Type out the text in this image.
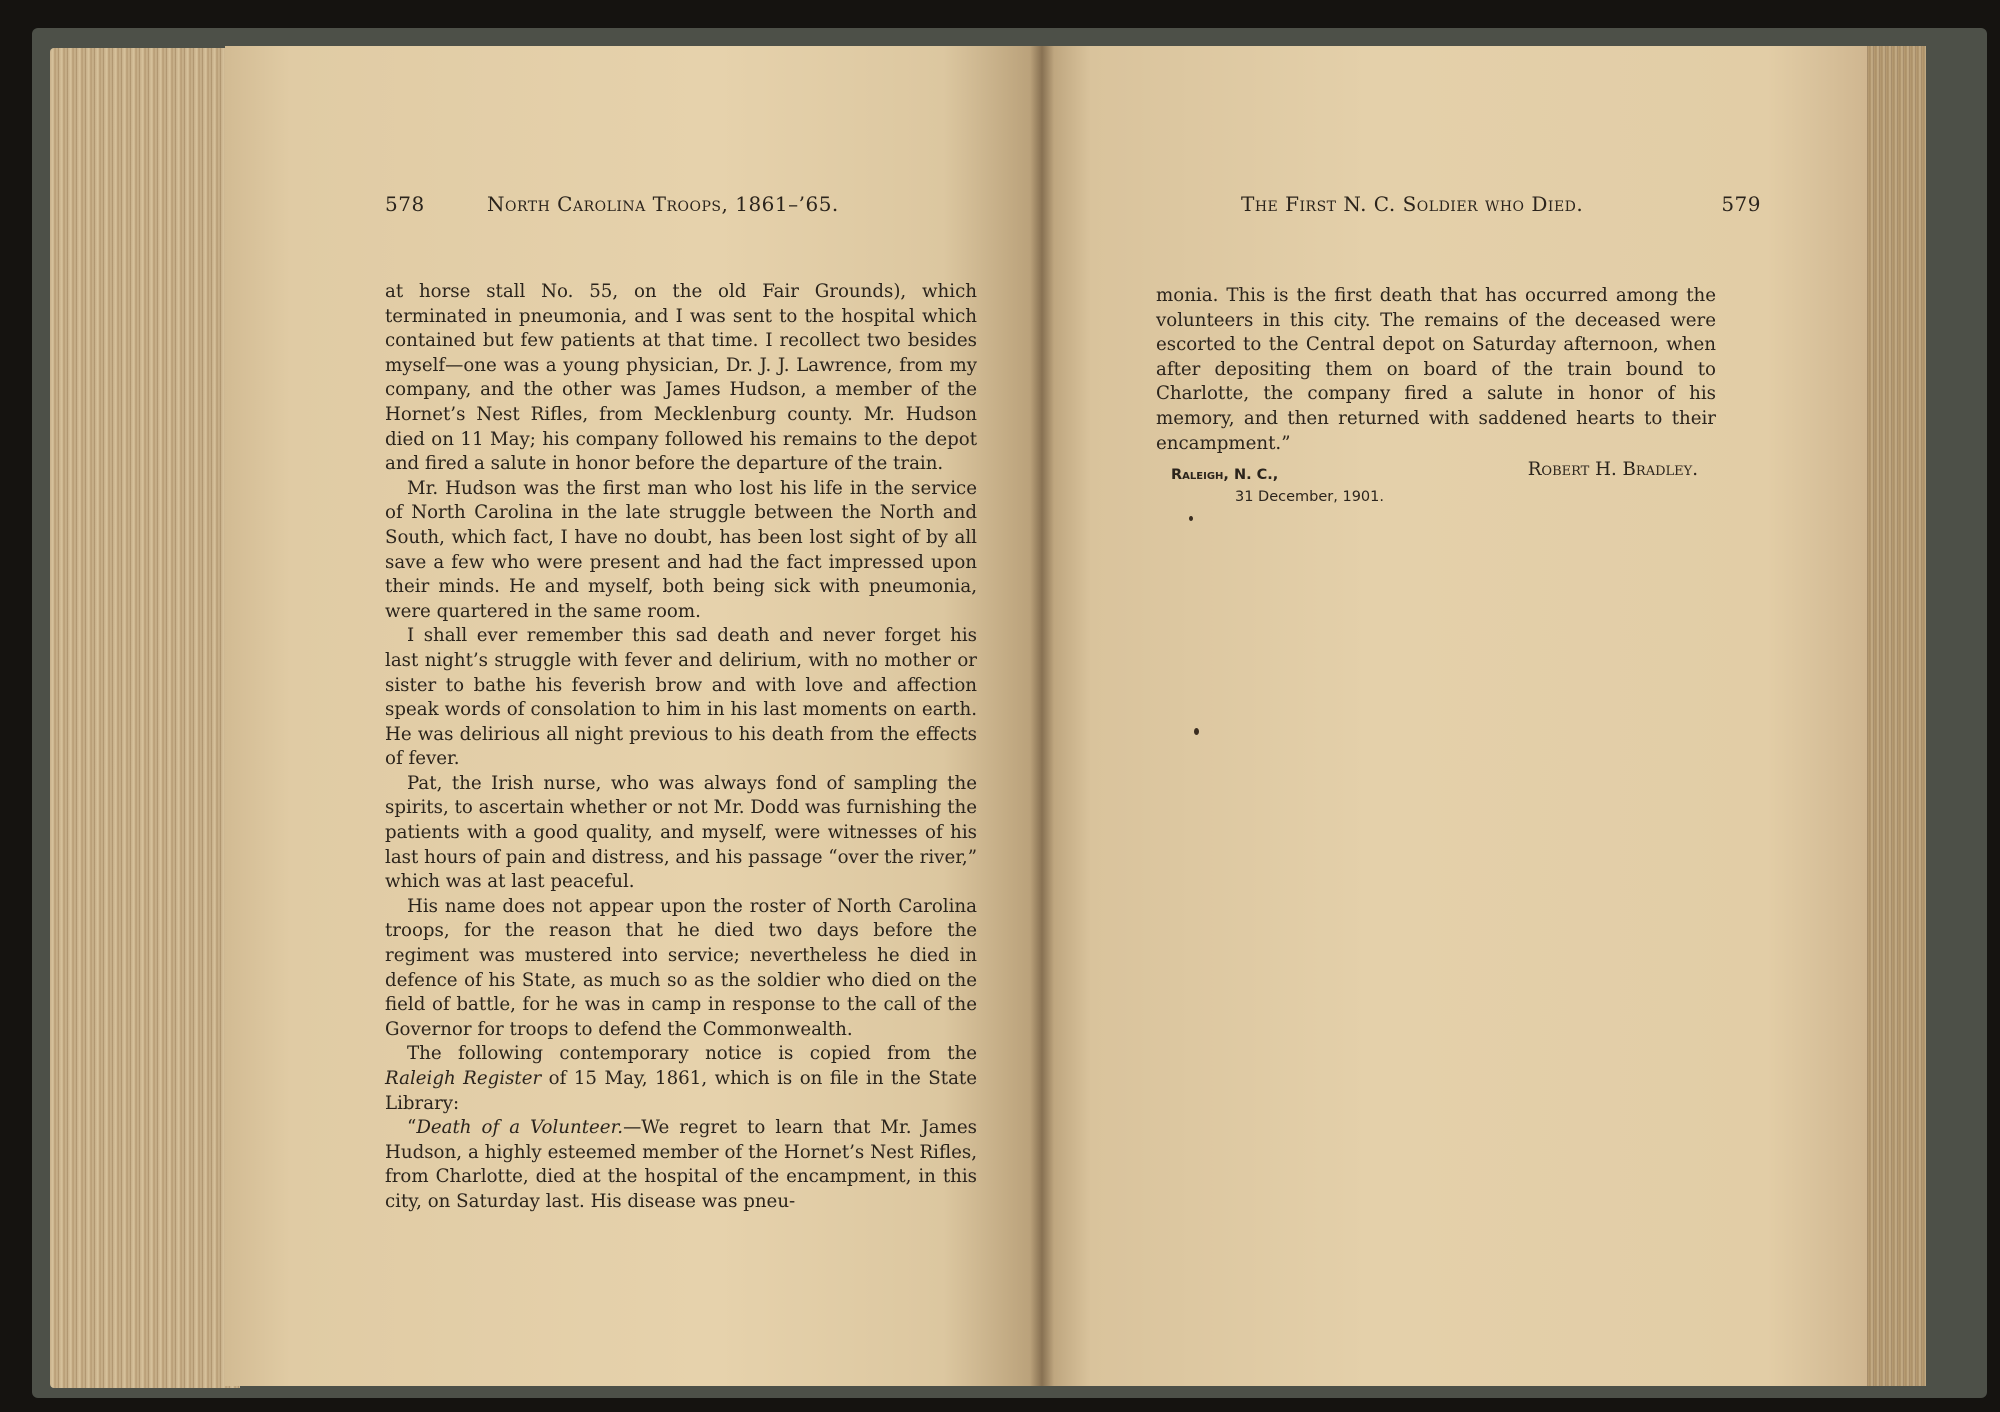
578	North Carolina Troops, 1861–’65.

at horse stall No. 55, on the old Fair Grounds), which terminated in pneumonia, and I was sent to the hospital which contained but few patients at that time. I recollect two besides myself—one was a young physician, Dr. J. J. Lawrence, from my company, and the other was James Hudson, a member of the Hornet’s Nest Rifles, from Mecklenburg county. Mr. Hudson died on 11 May; his company followed his remains to the depot and fired a salute in honor before the departure of the train.

Mr. Hudson was the first man who lost his life in the service of North Carolina in the late struggle between the North and South, which fact, I have no doubt, has been lost sight of by all save a few who were present and had the fact impressed upon their minds. He and myself, both being sick with pneumonia, were quartered in the same room.

I shall ever remember this sad death and never forget his last night’s struggle with fever and delirium, with no mother or sister to bathe his feverish brow and with love and affection speak words of consolation to him in his last moments on earth. He was delirious all night previous to his death from the effects of fever.

Pat, the Irish nurse, who was always fond of sampling the spirits, to ascertain whether or not Mr. Dodd was furnishing the patients with a good quality, and myself, were witnesses of his last hours of pain and distress, and his passage “over the river,” which was at last peaceful.

His name does not appear upon the roster of North Carolina troops, for the reason that he died two days before the regiment was mustered into service; nevertheless he died in defence of his State, as much so as the soldier who died on the field of battle, for he was in camp in response to the call of the Governor for troops to defend the Commonwealth.

The following contemporary notice is copied from the Raleigh Register of 15 May, 1861, which is on file in the State Library:

“Death of a Volunteer.—We regret to learn that Mr. James Hudson, a highly esteemed member of the Hornet’s Nest Rifles, from Charlotte, died at the hospital of the encampment, in this city, on Saturday last. His disease was pneu-

The First N. C. Soldier who Died.	579

monia. This is the first death that has occurred among the volunteers in this city. The remains of the deceased were escorted to the Central depot on Saturday afternoon, when after depositing them on board of the train bound to Charlotte, the company fired a salute in honor of his memory, and then returned with saddened hearts to their encampment.”

Robert H. Bradley.
Raleigh, N. C.,
31 December, 1901.
